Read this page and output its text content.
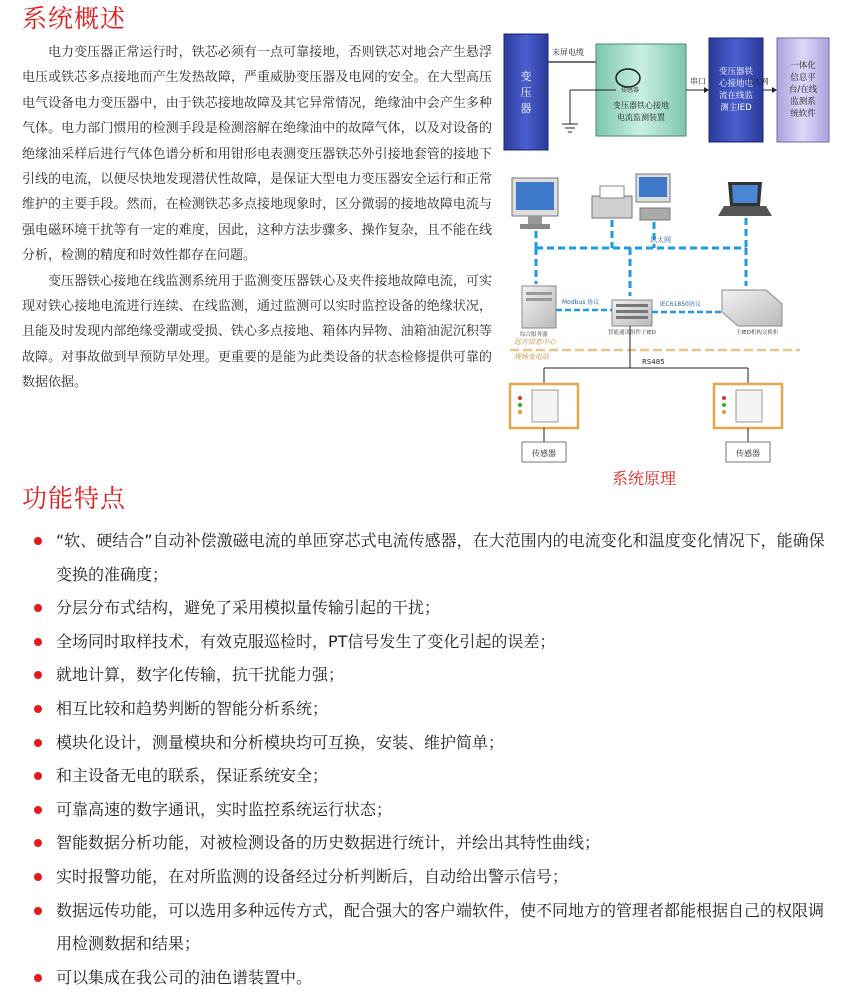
系统概述

电力变压器正常运行时，铁芯必须有一点可靠接地，否则铁芯对地会产生悬浮电压或铁芯多点接地而产生发热故障，严重威胁变压器及电网的安全。在大型高压电气设备电力变压器中，由于铁芯接地故障及其它异常情况，绝缘油中会产生多种气体。电力部门惯用的检测手段是检测溶解在绝缘油中的故障气体，以及对设备的绝缘油采样后进行气体色谱分析和用钳形电表测变压器铁芯外引接地套管的接地下引线的电流，以便尽快地发现潜伏性故障，是保证大型电力变压器安全运行和正常维护的主要手段。然而，在检测铁芯多点接地现象时，区分微弱的接地故障电流与强电磁环境干扰等有一定的难度，因此，这种方法步骤多、操作复杂，且不能在线分析，检测的精度和时效性都存在问题。

变压器铁心接地在线监测系统用于监测变压器铁心及夹件接地故障电流，可实现对铁心接地电流进行连续、在线监测，通过监测可以实时监控设备的绝缘状况，且能及时发现内部绝缘受潮或受损、铁心多点接地、箱体内异物、油箱油泥沉积等故障。对事故做到早预防早处理。更重要的是能为此类设备的状态检修提供可靠的数据依据。

变
压
器
末屏电缆
传感器
变压器铁心接地
电流监测装置
串口
变压器铁
心接地电
流在线监
测主IED
以太网
一体化
信息平
台/在线
监测系
统软件
以太网
综合服务器	智能通讯组件子IED	主IED机构交换柜
Modbus 协议	IEC61850协议
远方信息中心
现场变电站
RS485
传感器	传感器
系统原理
功能特点
“软、硬结合”自动补偿激磁电流的单匝穿芯式电流传感器，在大范围内的电流变化和温度变化情况下，能确保变换的准确度；
分层分布式结构，避免了采用模拟量传输引起的干扰；
全场同时取样技术，有效克服巡检时，PT信号发生了变化引起的误差；
就地计算，数字化传输，抗干扰能力强；
相互比较和趋势判断的智能分析系统；
模块化设计，测量模块和分析模块均可互换，安装、维护简单；
和主设备无电的联系，保证系统安全；
可靠高速的数字通讯，实时监控系统运行状态；
智能数据分析功能，对被检测设备的历史数据进行统计，并绘出其特性曲线；
实时报警功能，在对所监测的设备经过分析判断后，自动给出警示信号；
数据远传功能，可以选用多种远传方式，配合强大的客户端软件，使不同地方的管理者都能根据自己的权限调用检测数据和结果；
可以集成在我公司的油色谱装置中。
